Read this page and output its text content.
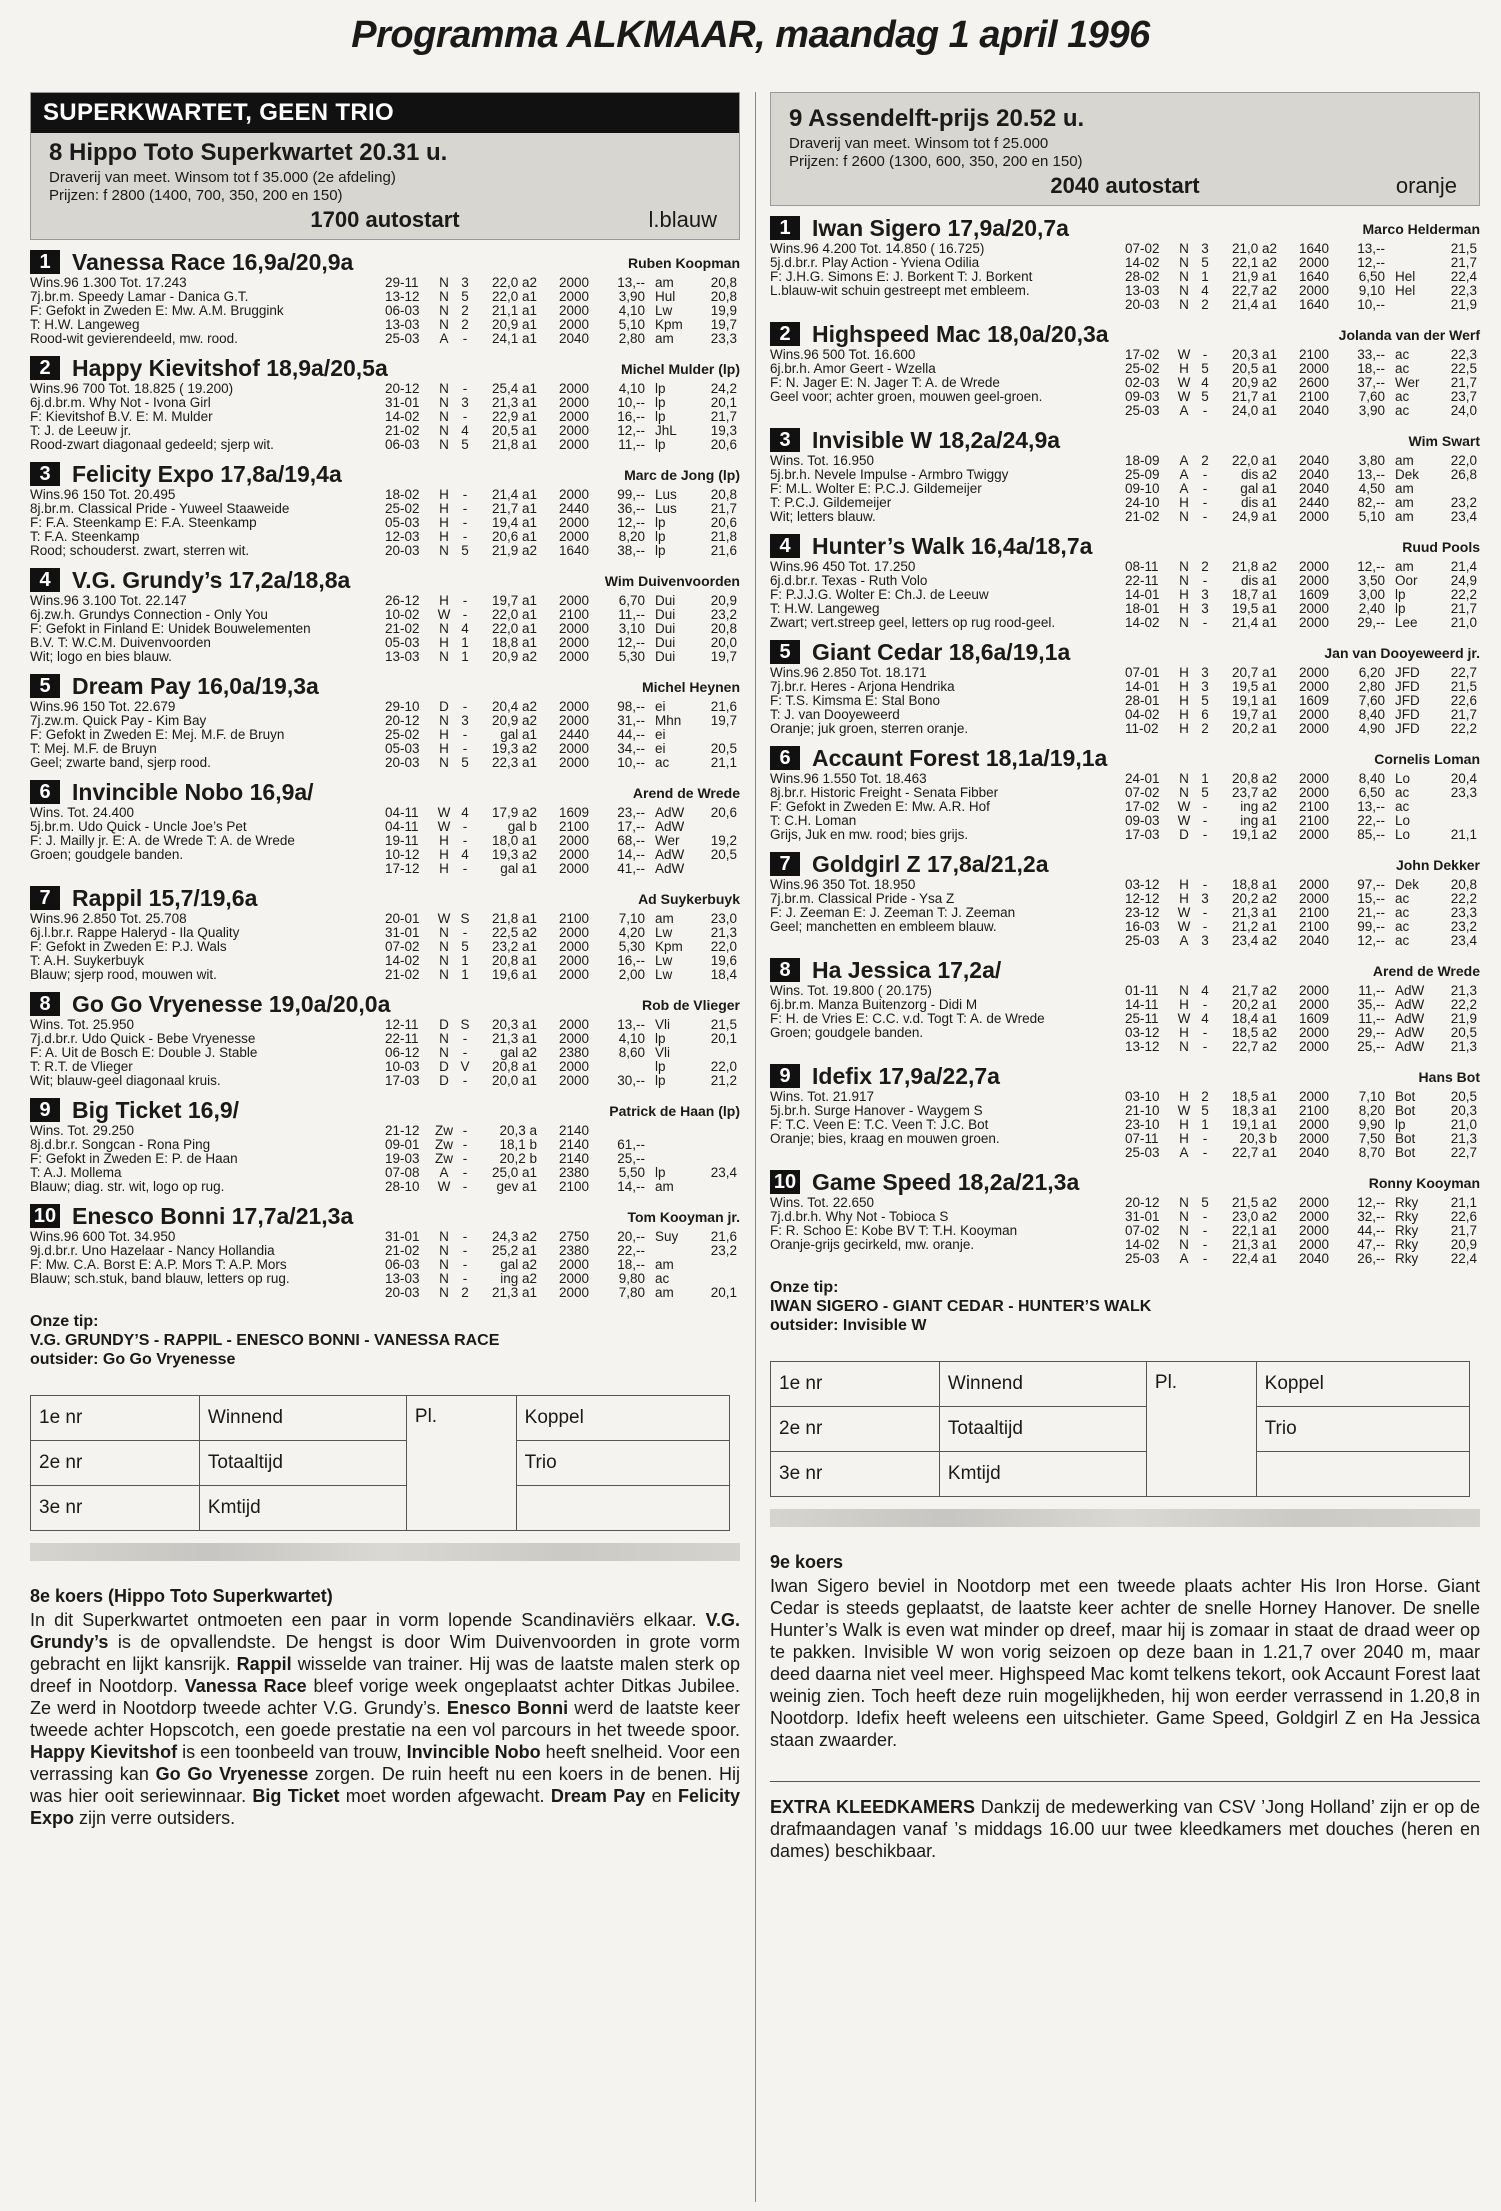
Programma ALKMAAR, maandag 1 april 1996
SUPERKWARTET, GEEN TRIO
8 Hippo Toto Superkwartet 20.31 u.
Draverij van meet. Winsom tot f 35.000 (2e afdeling)
Prijzen: f 2800 (1400, 700, 350, 200 en 150)
1700 autostart	l.blauw
1 Vanessa Race 16,9a/20,9a	Ruben Koopman
Wins.96 1.300 Tot. 17.243
7j.br.m. Speedy Lamar - Danica G.T.
F: Gefokt in Zweden E: Mw. A.M. Bruggink
T: H.W. Langeweg
Rood-wit gevierendeeld, mw. rood.
29-11	N 3	22,0 a2	2000	13,-- am	20,8
13-12	N 5	22,0 a1	2000	3,90 Hul	20,8
06-03	N 2	21,1 a1	2000	4,10 Lw	19,9
13-03	N 2	20,9 a1	2000	5,10 Kpm	19,7
25-03	A	-	24,1 a1	2040	2,80 am	23,3
2 Happy Kievitshof 18,9a/20,5a	Michel Mulder (lp)
Wins.96 700 Tot. 18.825 ( 19.200)
6j.d.br.m. Why Not - Ivona Girl
F: Kievitshof B.V. E: M. Mulder
T: J. de Leeuw jr.
Rood-zwart diagonaal gedeeld; sjerp wit.
20-12	N	-	25,4 a1	2000	4,10 lp	24,2
31-01	N 3	21,3 a1	2000	10,-- lp	20,1
14-02	N	-	22,9 a1	2000	16,-- lp	21,7
21-02	N 4	20,5 a1	2000	12,-- JhL	19,3
06-03	N 5	21,8 a1	2000	11,-- lp	20,6
3 Felicity Expo 17,8a/19,4a	Marc de Jong (lp)
Wins.96 150 Tot. 20.495
8j.br.m. Classical Pride - Yuweel Staaweide
F: F.A. Steenkamp E: F.A. Steenkamp
T: F.A. Steenkamp
Rood; schouderst. zwart, sterren wit.
18-02	H	-	21,4 a1	2000	99,-- Lus	20,8
25-02	H	-	21,7 a1	2440	36,-- Lus	21,7
05-03	H	-	19,4 a1	2000	12,-- lp	20,6
12-03	H	-	20,6 a1	2000	8,20 lp	21,8
20-03	N 5	21,9 a2	1640	38,-- lp	21,6
4 V.G. Grundy’s 17,2a/18,8a	Wim Duivenvoorden
Wins.96 3.100 Tot. 22.147
6j.zw.h. Grundys Connection - Only You
F: Gefokt in Finland E: Unidek Bouwelementen
B.V. T: W.C.M. Duivenvoorden
Wit; logo en bies blauw.
26-12	H	-	19,7 a1	2000	6,70 Dui	20,9
10-02	W -	22,0 a1	2100	11,-- Dui	23,2
21-02	N 4	22,0 a1	2000	3,10 Dui	20,8
05-03	H 1	18,8 a1	2000	12,-- Dui	20,0
13-03	N 1	20,9 a2	2000	5,30 Dui	19,7
5 Dream Pay 16,0a/19,3a	Michel Heynen
Wins.96 150 Tot. 22.679
7j.zw.m. Quick Pay - Kim Bay
F: Gefokt in Zweden E: Mej. M.F. de Bruyn
T: Mej. M.F. de Bruyn
Geel; zwarte band, sjerp rood.
29-10	D	-	20,4 a2	2000	98,-- ei	21,6
20-12	N 3	20,9 a2	2000	31,-- Mhn	19,7
25-02	H	-	gal a1	2440	44,-- ei
05-03	H	-	19,3 a2	2000	34,-- ei	20,5
20-03	N 5	22,3 a1	2000	10,-- ac	21,1
6 Invincible Nobo 16,9a/	Arend de Wrede
Wins. Tot. 24.400
5j.br.m. Udo Quick - Uncle Joe’s Pet
F: J. Mailly jr. E: A. de Wrede T: A. de Wrede
Groen; goudgele banden.
04-11	W 4	17,9 a2	1609	23,-- AdW	20,6
04-11	W -	gal b	2100	17,-- AdW
19-11	H	-	18,0 a1	2000	68,-- Wer	19,2
10-12	H 4	19,3 a2	2000	14,-- AdW	20,5
17-12	H	-	gal a1	2000	41,-- AdW
7 Rappil 15,7/19,6a	Ad Suykerbuyk
Wins.96 2.850 Tot. 25.708
6j.l.br.r. Rappe Haleryd - Ila Quality
F: Gefokt in Zweden E: P.J. Wals
T: A.H. Suykerbuyk
Blauw; sjerp rood, mouwen wit.
20-01	W S	21,8 a1	2100	7,10 am	23,0
31-01	N	-	22,5 a2	2000	4,20 Lw	21,3
07-02	N 5	23,2 a1	2000	5,30 Kpm	22,0
14-02	N 1	20,8 a1	2000	16,-- Lw	19,6
21-02	N 1	19,6 a1	2000	2,00 Lw	18,4
8 Go Go Vryenesse 19,0a/20,0a	Rob de Vlieger
Wins. Tot. 25.950
7j.d.br.r. Udo Quick - Bebe Vryenesse
F: A. Uit de Bosch E: Double J. Stable
T: R.T. de Vlieger
Wit; blauw-geel diagonaal kruis.
12-11	D S	20,3 a1	2000	13,-- Vli	21,5
22-11	N	-	21,3 a1	2000	4,10 lp	20,1
06-12	N	-	gal a2	2380	8,60 Vli
10-03	D V	20,8 a1	2000	lp	22,0
17-03	D	-	20,0 a1	2000	30,-- lp	21,2
9 Big Ticket 16,9/	Patrick de Haan (lp)
Wins. Tot. 29.250
8j.d.br.r. Songcan - Rona Ping
F: Gefokt in Zweden E: P. de Haan
T: A.J. Mollema
Blauw; diag. str. wit, logo op rug.
21-12	Zw -	20,3 a	2140
09-01	Zw -	18,1 b	2140	61,--
19-03	Zw -	20,2 b	2140	25,--
07-08	A	-	25,0 a1	2380	5,50 lp	23,4
28-10	W -	gev a1	2100	14,-- am
10 Enesco Bonni 17,7a/21,3a	Tom Kooyman jr.
Wins.96 600 Tot. 34.950
9j.d.br.r. Uno Hazelaar - Nancy Hollandia
F: Mw. C.A. Borst E: A.P. Mors T: A.P. Mors
Blauw; sch.stuk, band blauw, letters op rug.
31-01	N	-	24,3 a2	2750	20,-- Suy	21,6
21-02	N	-	25,2 a1	2380	22,--	23,2
06-03	N	-	gal a2	2000	18,-- am
13-03	N	-	ing a2	2000	9,80 ac
20-03	N 2	21,3 a1	2000	7,80 am	20,1
Onze tip:
V.G. GRUNDY’S - RAPPIL - ENESCO BONNI - VANESSA RACE
outsider: Go Go Vryenesse
1e nr	Winnend	Pl.	Koppel
2e nr	Totaaltijd		Trio
3e nr	Kmtijd		
8e koers (Hippo Toto Superkwartet)
In dit Superkwartet ontmoeten een paar in vorm lopende Scandinaviërs elkaar. V.G. Grundy’s is de opvallendste. De hengst is door Wim Duivenvoorden in grote vorm gebracht en lijkt kansrijk. Rappil wisselde van trainer. Hij was de laatste malen sterk op dreef in Nootdorp. Vanessa Race bleef vorige week ongeplaatst achter Ditkas Jubilee. Ze werd in Nootdorp tweede achter V.G. Grundy’s. Enesco Bonni werd de laatste keer tweede achter Hopscotch, een goede prestatie na een vol parcours in het tweede spoor. Happy Kievitshof is een toonbeeld van trouw, Invincible Nobo heeft snelheid. Voor een verrassing kan Go Go Vryenesse zorgen. De ruin heeft nu een koers in de benen. Hij was hier ooit seriewinnaar. Big Ticket moet worden afgewacht. Dream Pay en Felicity Expo zijn verre outsiders.
9 Assendelft-prijs 20.52 u.
Draverij van meet. Winsom tot f 25.000
Prijzen: f 2600 (1300, 600, 350, 200 en 150)
2040 autostart	oranje
1 Iwan Sigero 17,9a/20,7a	Marco Helderman
Wins.96 4.200 Tot. 14.850 ( 16.725)
5j.d.br.r. Play Action - Yviena Odilia
F: J.H.G. Simons E: J. Borkent T: J. Borkent
L.blauw-wit schuin gestreept met embleem.
07-02	N 3	21,0 a2	1640	13,--	21,5
14-02	N 5	22,1 a2	2000	12,--	21,7
28-02	N 1	21,9 a1	1640	6,50 Hel	22,4
13-03	N 4	22,7 a2	2000	9,10 Hel	22,3
20-03	N 2	21,4 a1	1640	10,--	21,9
2 Highspeed Mac 18,0a/20,3a	Jolanda van der Werf
Wins.96 500 Tot. 16.600
6j.br.h. Amor Geert - Wzella
F: N. Jager E: N. Jager T: A. de Wrede
Geel voor; achter groen, mouwen geel-groen.
17-02	W -	20,3 a1	2100	33,-- ac	22,3
25-02	H 5	20,5 a1	2000	18,-- ac	22,5
02-03	W 4	20,9 a2	2600	37,-- Wer	21,7
09-03	W 5	21,7 a1	2100	7,60 ac	23,7
25-03	A	-	24,0 a1	2040	3,90 ac	24,0
3 Invisible W 18,2a/24,9a	Wim Swart
Wins. Tot. 16.950
5j.br.h. Nevele Impulse - Armbro Twiggy
F: M.L. Wolter E: P.C.J. Gildemeijer
T: P.C.J. Gildemeijer
Wit; letters blauw.
18-09	A 2	22,0 a1	2040	3,80 am	22,0
25-09	A	-	dis a2	2040	13,-- Dek	26,8
09-10	A	-	gal a1	2040	4,50 am
24-10	H	-	dis a1	2440	82,-- am	23,2
21-02	N	-	24,9 a1	2000	5,10 am	23,4
4 Hunter’s Walk 16,4a/18,7a	Ruud Pools
Wins.96 450 Tot. 17.250
6j.d.br.r. Texas - Ruth Volo
F: P.J.J.G. Wolter E: Ch.J. de Leeuw
T: H.W. Langeweg
Zwart; vert.streep geel, letters op rug rood-geel.
08-11	N 2	21,8 a2	2000	12,-- am	21,4
22-11	N	-	dis a1	2000	3,50 Oor	24,9
14-01	H 3	18,7 a1	1609	3,00 lp	22,2
18-01	H 3	19,5 a1	2000	2,40 lp	21,7
14-02	N	-	21,4 a1	2000	29,-- Lee	21,0
5 Giant Cedar 18,6a/19,1a	Jan van Dooyeweerd jr.
Wins.96 2.850 Tot. 18.171
7j.br.r. Heres - Arjona Hendrika
F: T.S. Kimsma E: Stal Bono
T: J. van Dooyeweerd
Oranje; juk groen, sterren oranje.
07-01	H 3	20,7 a1	2000	6,20 JFD	22,7
14-01	H 3	19,5 a1	2000	2,80 JFD	21,5
28-01	H 5	19,1 a1	1609	7,60 JFD	22,6
04-02	H 6	19,7 a1	2000	8,40 JFD	21,7
11-02	H 2	20,2 a1	2000	4,90 JFD	22,2
6 Accaunt Forest 18,1a/19,1a	Cornelis Loman
Wins.96 1.550 Tot. 18.463
8j.br.r. Historic Freight - Senata Fibber
F: Gefokt in Zweden E: Mw. A.R. Hof
T: C.H. Loman
Grijs, Juk en mw. rood; bies grijs.
24-01	N 1	20,8 a2	2000	8,40 Lo	20,4
07-02	N 5	23,7 a2	2000	6,50 ac	23,3
17-02	W -	ing a2	2100	13,-- ac
09-03	W -	ing a1	2100	22,-- Lo
17-03	D	-	19,1 a2	2000	85,-- Lo	21,1
7 Goldgirl Z 17,8a/21,2a	John Dekker
Wins.96 350 Tot. 18.950
7j.br.m. Classical Pride - Ysa Z
F: J. Zeeman E: J. Zeeman T: J. Zeeman
Geel; manchetten en embleem blauw.
03-12	H	-	18,8 a1	2000	97,-- Dek	20,8
12-12	H 3	20,2 a2	2000	15,-- ac	22,2
23-12	W -	21,3 a1	2100	21,-- ac	23,3
16-03	W -	21,2 a1	2100	99,-- ac	23,2
25-03	A 3	23,4 a2	2040	12,-- ac	23,4
8 Ha Jessica 17,2a/	Arend de Wrede
Wins. Tot. 19.800 ( 20.175)
6j.br.m. Manza Buitenzorg - Didi M
F: H. de Vries E: C.C. v.d. Togt T: A. de Wrede
Groen; goudgele banden.
01-11	N 4	21,7 a2	2000	11,-- AdW	21,3
14-11	H	-	20,2 a1	2000	35,-- AdW	22,2
25-11	W 4	18,4 a1	1609	11,-- AdW	21,9
03-12	H	-	18,5 a2	2000	29,-- AdW	20,5
13-12	N	-	22,7 a2	2000	25,-- AdW	21,3
9 Idefix 17,9a/22,7a	Hans Bot
Wins. Tot. 21.917
5j.br.h. Surge Hanover - Waygem S
F: T.C. Veen E: T.C. Veen T: J.C. Bot
Oranje; bies, kraag en mouwen groen.
03-10	H 2	18,5 a1	2000	7,10 Bot	20,5
21-10	W 5	18,3 a1	2100	8,20 Bot	20,3
23-10	H 1	19,1 a1	2000	9,90 lp	21,0
07-11	H	-	20,3 b	2000	7,50 Bot	21,3
25-03	A	-	22,7 a1	2040	8,70 Bot	22,7
10 Game Speed 18,2a/21,3a	Ronny Kooyman
Wins. Tot. 22.650
7j.d.br.h. Why Not - Tobioca S
F: R. Schoo E: Kobe BV T: T.H. Kooyman
Oranje-grijs gecirkeld, mw. oranje.
20-12	N 5	21,5 a2	2000	12,-- Rky	21,1
31-01	N	-	23,0 a2	2000	32,-- Rky	22,6
07-02	N	-	22,1 a1	2000	44,-- Rky	21,7
14-02	N	-	21,3 a1	2000	47,-- Rky	20,9
25-03	A	-	22,4 a1	2040	26,-- Rky	22,4
Onze tip:
IWAN SIGERO - GIANT CEDAR - HUNTER’S WALK
outsider: Invisible W
1e nr	Winnend	Pl.	Koppel
2e nr	Totaaltijd		Trio
3e nr	Kmtijd		
9e koers
Iwan Sigero beviel in Nootdorp met een tweede plaats achter His Iron Horse. Giant Cedar is steeds geplaatst, de laatste keer achter de snelle Horney Hanover. De snelle Hunter’s Walk is even wat minder op dreef, maar hij is zomaar in staat de draad weer op te pakken. Invisible W won vorig seizoen op deze baan in 1.21,7 over 2040 m, maar deed daarna niet veel meer. Highspeed Mac komt telkens tekort, ook Accaunt Forest laat weinig zien. Toch heeft deze ruin mogelijkheden, hij won eerder verrassend in 1.20,8 in Nootdorp. Idefix heeft weleens een uitschieter. Game Speed, Goldgirl Z en Ha Jessica staan zwaarder.
EXTRA KLEEDKAMERS Dankzij de medewerking van CSV ’Jong Holland’ zijn er op de drafmaandagen vanaf ’s middags 16.00 uur twee kleedkamers met douches (heren en dames) beschikbaar.
